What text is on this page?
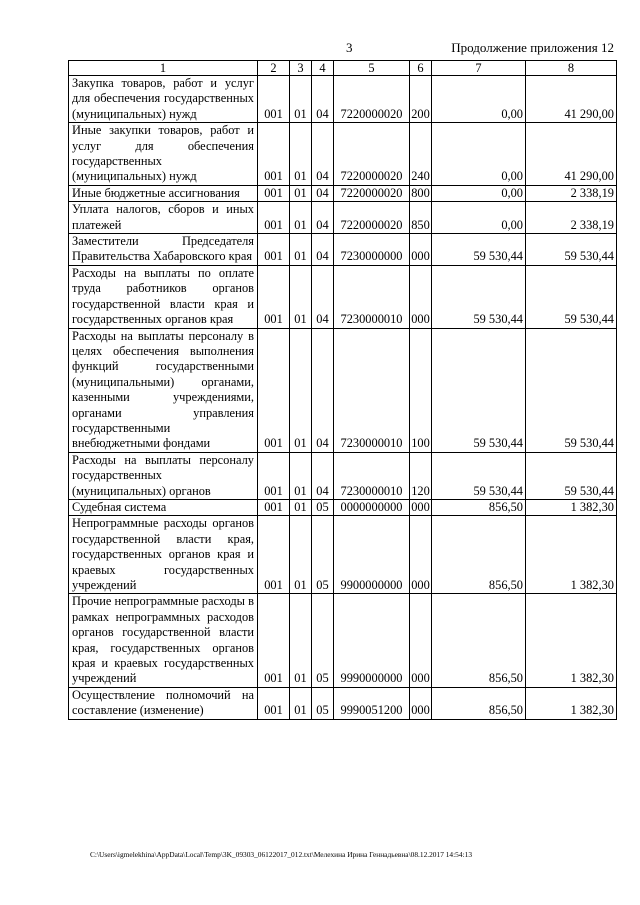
3	Продолжение приложения 12
1	2	3	4	5	6	7	8
Закупка товаров, работ и услуг для обеспечения государственных (муниципальных) нужд	001	01	04	7220000020	200	0,00	41 290,00
Иные закупки товаров, работ и услуг для обеспечения государственных (муниципальных) нужд	001	01	04	7220000020	240	0,00	41 290,00
Иные бюджетные ассигнования	001	01	04	7220000020	800	0,00	2 338,19
Уплата налогов, сборов и иных платежей	001	01	04	7220000020	850	0,00	2 338,19
Заместители Председателя Правительства Хабаровского края	001	01	04	7230000000	000	59 530,44	59 530,44
Расходы на выплаты по оплате труда работников органов государственной власти края и государственных органов края	001	01	04	7230000010	000	59 530,44	59 530,44
Расходы на выплаты персоналу в целях обеспечения выполнения функций государственными (муниципальными) органами, казенными учреждениями, органами управления государственными внебюджетными фондами	001	01	04	7230000010	100	59 530,44	59 530,44
Расходы на выплаты персоналу государственных (муниципальных) органов	001	01	04	7230000010	120	59 530,44	59 530,44
Судебная система	001	01	05	0000000000	000	856,50	1 382,30
Непрограммные расходы органов государственной власти края, государственных органов края и краевых государственных учреждений	001	01	05	9900000000	000	856,50	1 382,30
Прочие непрограммные расходы в рамках непрограммных расходов органов государственной власти края, государственных органов края и краевых государственных учреждений	001	01	05	9990000000	000	856,50	1 382,30
Осуществление полномочий на составление (изменение)	001	01	05	9990051200	000	856,50	1 382,30
C:\Users\igmelekhina\AppData\Local\Temp\3K_09303_06122017_012.txt\Мелехина Ирина Геннадьевна\08.12.2017 14:54:13
